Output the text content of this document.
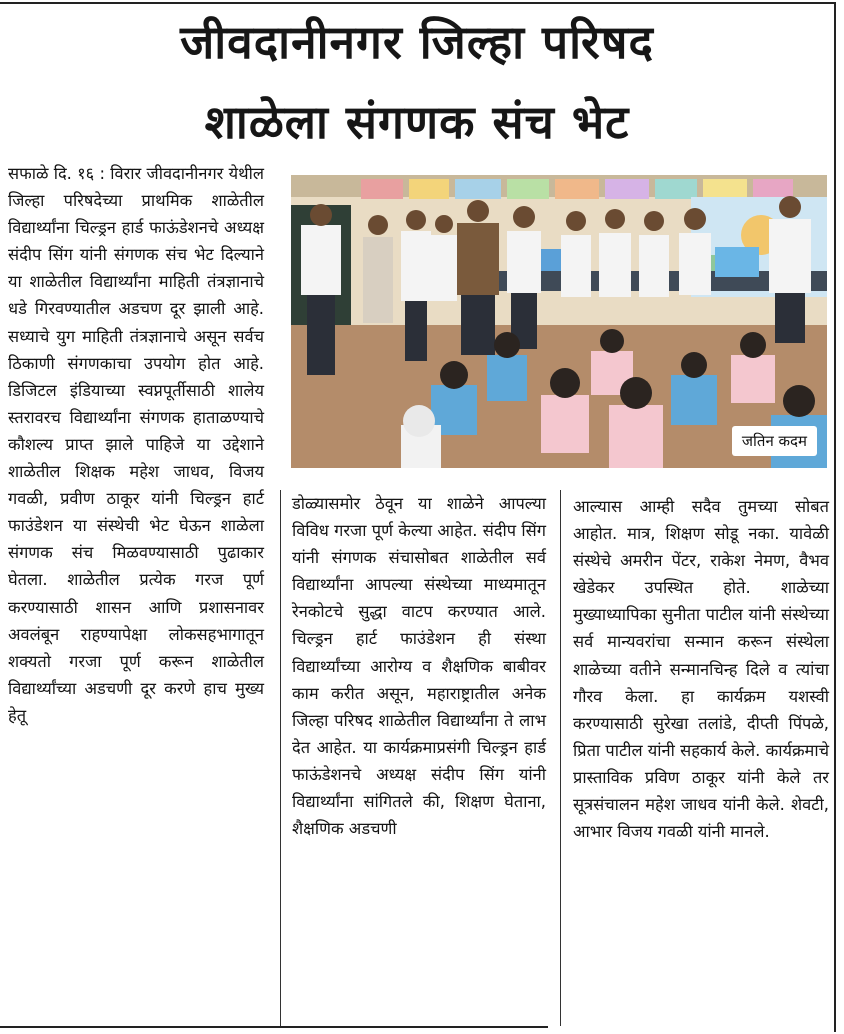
जीवदानीनगर जिल्हा परिषद
शाळेला संगणक संच भेट

सफाळे दि. १६ : विरार जीवदानीनगर येथील जिल्हा परिषदेच्या प्राथमिक शाळेतील विद्यार्थ्यांना चिल्ड्रन हार्ड फाऊंडेशनचे अध्यक्ष संदीप सिंग यांनी संगणक संच भेट दिल्याने या शाळेतील विद्यार्थ्यांना माहिती तंत्रज्ञानाचे धडे गिरवण्यातील अडचण दूर झाली आहे. सध्याचे युग माहिती तंत्रज्ञानाचे असून सर्वच ठिकाणी संगणकाचा उपयोग होत आहे. डिजिटल इंडियाच्या स्वप्नपूर्तीसाठी शालेय स्तरावरच विद्यार्थ्यांना संगणक हाताळण्याचे कौशल्य प्राप्त झाले पाहिजे या उद्देशाने शाळेतील शिक्षक महेश जाधव, विजय गवळी, प्रवीण ठाकूर यांनी चिल्ड्रन हार्ट फाउंडेशन या संस्थेची भेट घेऊन शाळेला संगणक संच मिळवण्यासाठी पुढाकार घेतला. शाळेतील प्रत्येक गरज पूर्ण करण्यासाठी शासन आणि प्रशासनावर अवलंबून राहण्यापेक्षा लोकसहभागातून शक्यतो गरजा पूर्ण करून शाळेतील विद्यार्थ्यांच्या अडचणी दूर करणे हाच मुख्य हेतू

जतिन कदम

डोळ्यासमोर ठेवून या शाळेने आपल्या विविध गरजा पूर्ण केल्या आहेत. संदीप सिंग यांनी संगणक संचासोबत शाळेतील सर्व विद्यार्थ्यांना आपल्या संस्थेच्या माध्यमातून रेनकोटचे सुद्धा वाटप करण्यात आले. चिल्ड्रन हार्ट फाउंडेशन ही संस्था विद्यार्थ्यांच्या आरोग्य व शैक्षणिक बाबीवर काम करीत असून, महाराष्ट्रातील अनेक जिल्हा परिषद शाळेतील विद्यार्थ्यांना ते लाभ देत आहेत. या कार्यक्रमाप्रसंगी चिल्ड्रन हार्ड फाऊंडेशनचे अध्यक्ष संदीप सिंग यांनी विद्यार्थ्यांना सांगितले की, शिक्षण घेताना, शैक्षणिक अडचणी

आल्यास आम्ही सदैव तुमच्या सोबत आहोत. मात्र, शिक्षण सोडू नका. यावेळी संस्थेचे अमरीन पेंटर, राकेश नेमण, वैभव खेडेकर उपस्थित होते. शाळेच्या मुख्याध्यापिका सुनीता पाटील यांनी संस्थेच्या सर्व मान्यवरांचा सन्मान करून संस्थेला शाळेच्या वतीने सन्मानचिन्ह दिले व त्यांचा गौरव केला. हा कार्यक्रम यशस्वी करण्यासाठी सुरेखा तलांडे, दीप्ती पिंपळे, प्रिता पाटील यांनी सहकार्य केले. कार्यक्रमाचे प्रास्ताविक प्रविण ठाकूर यांनी केले तर सूत्रसंचालन महेश जाधव यांनी केले. शेवटी, आभार विजय गवळी यांनी मानले.
